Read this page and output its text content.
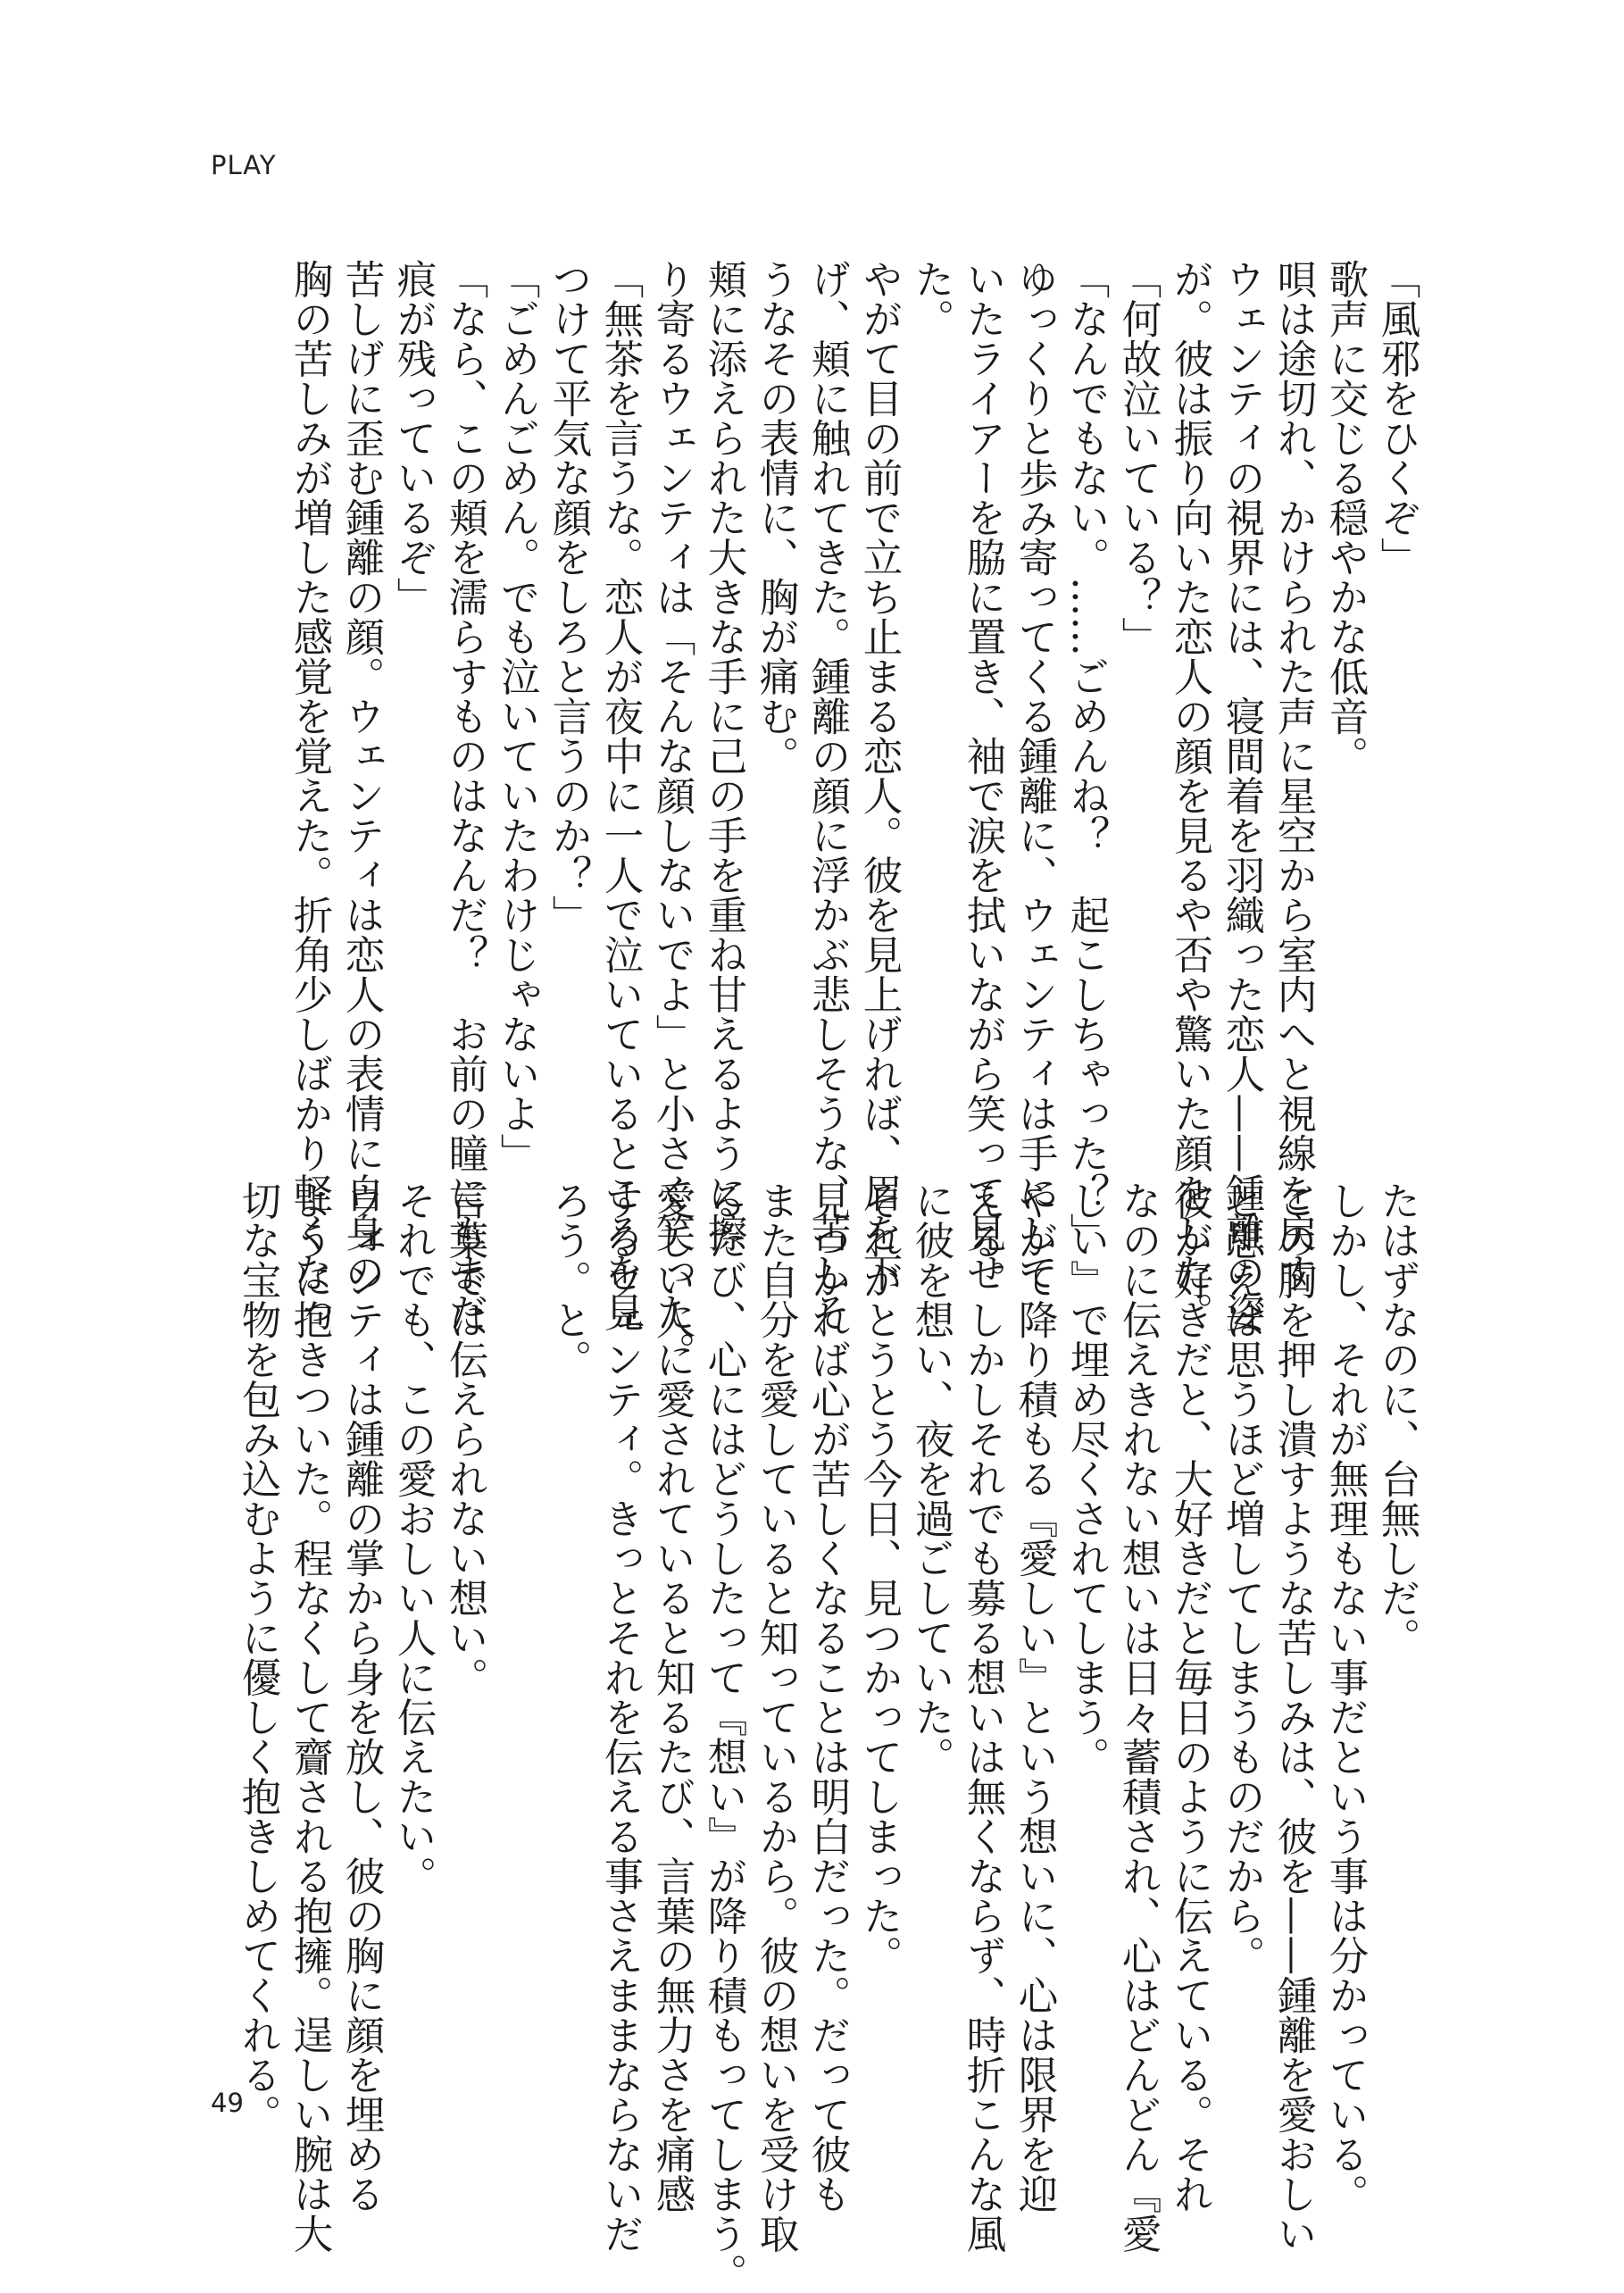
PLAY
「風邪をひくぞ」
歌声に交じる穏やかな低音。
唄は途切れ、かけられた声に星空から室内へと視線を戻す
ウェンティの視界には、寝間着を羽織った恋人——鍾離の姿
が。彼は振り向いた恋人の顔を見るや否や驚いた顔をした。
「何故泣いている？」
「なんでもない。……ごめんね？　起こしちゃった？」
ゆっくりと歩み寄ってくる鍾離に、ウェンティは手にして
いたライアーを脇に置き、袖で涙を拭いながら笑って見せ
た。
やがて目の前で立ち止まる恋人。彼を見上げれば、眉を下
げ、頬に触れてきた。鍾離の顔に浮かぶ悲しそうな、苦しそ
うなその表情に、胸が痛む。
頬に添えられた大きな手に己の手を重ね甘えるように擦
り寄るウェンティは「そんな顔しないでよ」と小さく笑った。
「無茶を言うな。恋人が夜中に一人で泣いているところを見
つけて平気な顔をしろと言うのか？」
「ごめんごめん。でも泣いていたわけじゃないよ」
「なら、この頬を濡らすものはなんだ？　お前の瞳にもまだ
痕が残っているぞ」
苦しげに歪む鍾離の顔。ウェンティは恋人の表情に自身の
胸の苦しみが増した感覚を覚えた。折角少しばかり軽くなっ
たはずなのに、台無しだ。
しかし、それが無理もない事だという事は分かっている。
この胸を押し潰すような苦しみは、彼を——鍾離を愛おしい
と思えば思うほど増してしまうものだから。
彼が好きだと、大好きだと毎日のように伝えている。それ
なのに伝えきれない想いは日々蓄積され、心はどんどん『愛
しい』で埋め尽くされてしまう。
やがて降り積もる『愛しい』という想いに、心は限界を迎
える。しかしそれでも募る想いは無くならず、時折こんな風
に彼を想い、夜を過ごしていた。
それがとうとう今日、見つかってしまった。
見つかれば心が苦しくなることは明白だった。だって彼も
また自分を愛していると知っているから。彼の想いを受け取
るたび、心にはどうしたって『想い』が降り積もってしまう。
愛しい人に愛されていると知るたび、言葉の無力さを痛感
するウェンティ。きっとそれを伝える事さえままならないだ
ろう。と。
言葉では伝えられない想い。
それでも、この愛おしい人に伝えたい。
ウェンティは鍾離の掌から身を放し、彼の胸に顔を埋める
ように抱きついた。程なくして齎される抱擁。逞しい腕は大
切な宝物を包み込むように優しく抱きしめてくれる。
49
